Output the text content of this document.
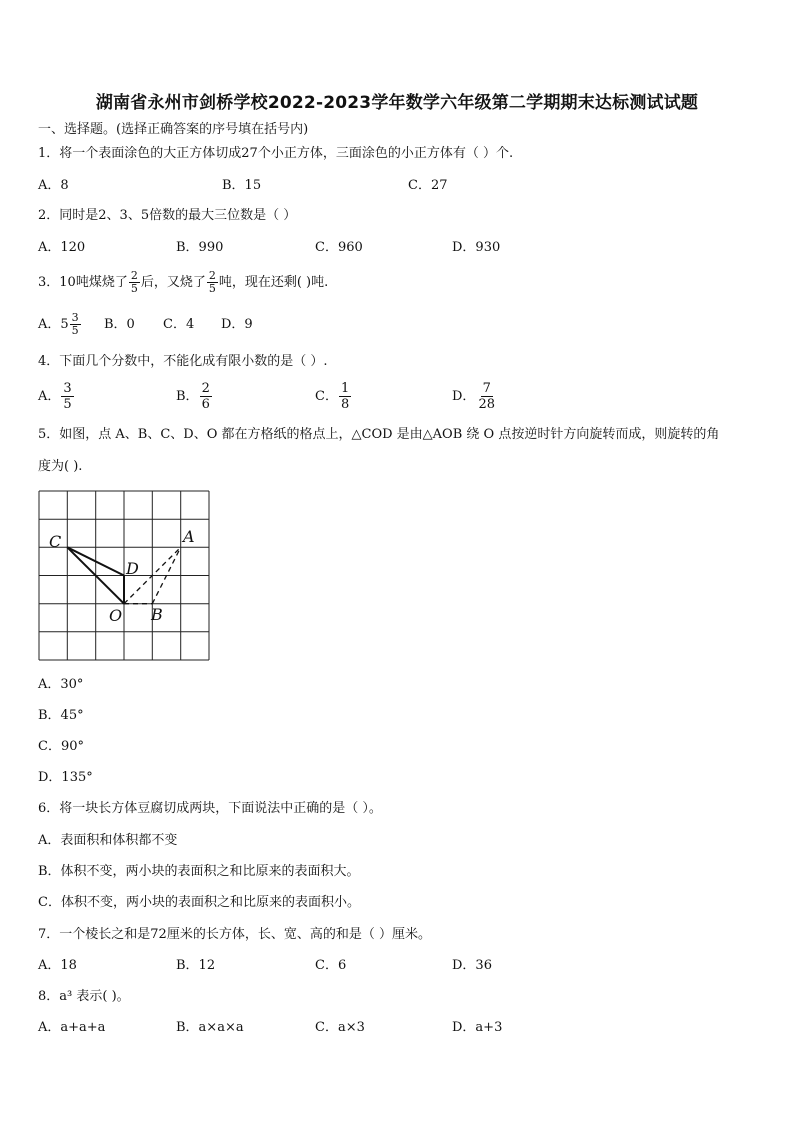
湖南省永州市剑桥学校2022-2023学年数学六年级第二学期期末达标测试试题
一、选择题。(选择正确答案的序号填在括号内)
1．将一个表面涂色的大正方体切成27个小正方体，三面涂色的小正方体有（ ）个.
A．8	B．15	C．27
2．同时是2、3、5倍数的最大三位数是（ ）
A．120	B．990	C．960	D．930
3．10吨煤烧了 $\frac{2}{5}$ 后，又烧了 $\frac{2}{5}$ 吨，现在还剩( )吨.
A．$5 \frac{3}{5}$ B．0 C．4 D．9
4．下面几个分数中，不能化成有限小数的是（ ）.
A． $\frac{3}{5}$	B． $\frac{2}{6}$	C． $\frac{1}{8}$	D． $\frac{7}{28}$
5．如图，点 A、B、C、D、O 都在方格纸的格点上，△COD 是由△AOB 绕 O 点按逆时针方向旋转而成，则旋转的角
度为( ).
C	A
D
O B
A．30°
B．45°
C．90°
D．135°
6．将一块长方体豆腐切成两块，下面说法中正确的是（ ）。
A．表面积和体积都不变
B．体积不变，两小块的表面积之和比原来的表面积大。
C．体积不变，两小块的表面积之和比原来的表面积小。
7．一个棱长之和是72厘米的长方体，长、宽、高的和是（ ）厘米。
A．18	B．12	C．6	D．36
8．a³ 表示( )。
A．a+a+a	B．a×a×a	C．a×3	D．a+3
